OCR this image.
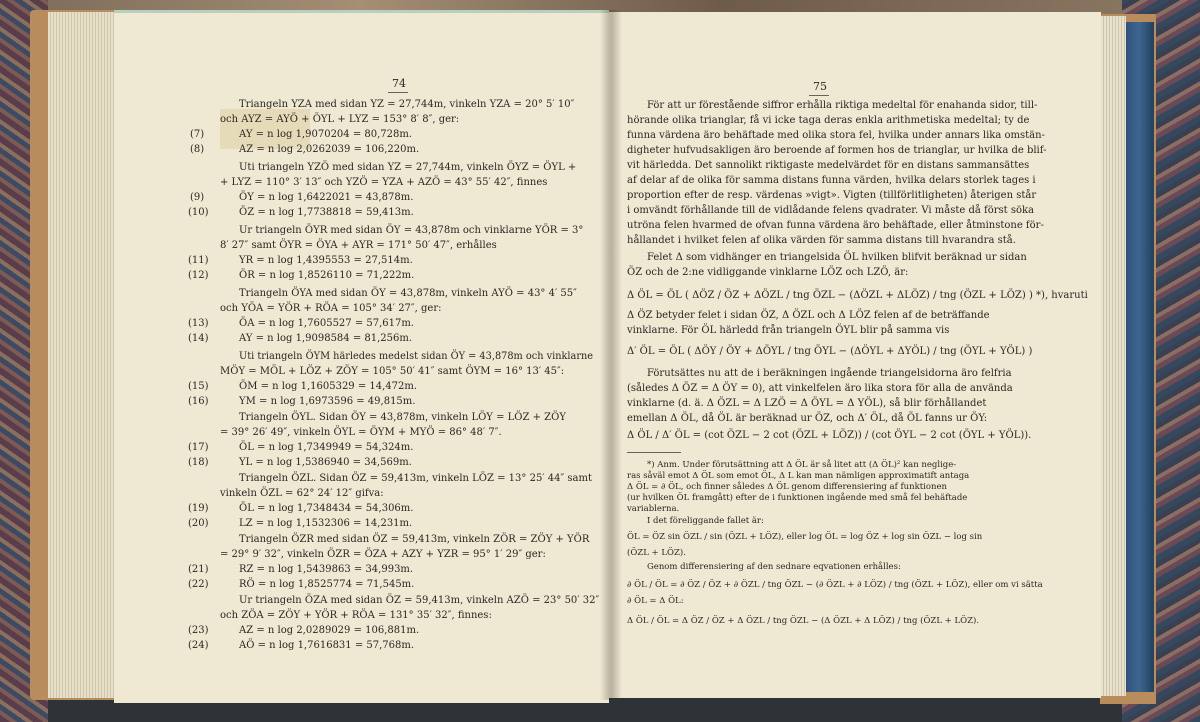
74
Triangeln YZA med sidan YZ = 27,744m, vinkeln YZA = 20° 5′ 10″
och AYZ = AYÖ + ÖYL + LYZ = 153° 8′ 8″, ger:
AY = n log 1,9070204 = 80,728m.
AZ = n log 2,0262039 = 106,220m.
Uti triangeln YZÖ med sidan YZ = 27,744m, vinkeln ÖYZ = ÖYL +
+ LYZ = 110° 3′ 13″ och YZÖ = YZA + AZÖ = 43° 55′ 42″, finnes
ÖY = n log 1,6422021 = 43,878m.
ÖZ = n log 1,7738818 = 59,413m.
Ur triangeln ÖYR med sidan ÖY = 43,878m och vinklarne YÖR = 3°
8′ 27″ samt ÖYR = ÖYA + AYR = 171° 50′ 47″, erhålles
YR = n log 1,4395553 = 27,514m.
ÖR = n log 1,8526110 = 71,222m.
Triangeln ÖYA med sidan ÖY = 43,878m, vinkeln AYÖ = 43° 4′ 55″
och YÖA = YÖR + RÖA = 105° 34′ 27″, ger:
ÖA = n log 1,7605527 = 57,617m.
AY = n log 1,9098584 = 81,256m.
Uti triangeln ÖYM härledes medelst sidan ÖY = 43,878m och vinklarne
MÖY = MÖL + LÖZ + ZÖY = 105° 50′ 41″ samt ÖYM = 16° 13′ 45″:
ÖM = n log 1,1605329 = 14,472m.
YM = n log 1,6973596 = 49,815m.
Triangeln ÖYL. Sidan ÖY = 43,878m, vinkeln LÖY = LÖZ + ZÖY
= 39° 26′ 49″, vinkeln ÖYL = ÖYM + MYÖ = 86° 48′ 7″.
ÖL = n log 1,7349949 = 54,324m.
YL = n log 1,5386940 = 34,569m.
Triangeln ÖZL. Sidan ÖZ = 59,413m, vinkeln LÖZ = 13° 25′ 44″ samt
vinkeln ÖZL = 62° 24′ 12″ gifva:
ÖL = n log 1,7348434 = 54,306m.
LZ = n log 1,1532306 = 14,231m.
Triangeln ÖZR med sidan ÖZ = 59,413m, vinkeln ZÖR = ZÖY + YÖR
= 29° 9′ 32″, vinkeln ÖZR = ÖZA + AZY + YZR = 95° 1′ 29″ ger:
RZ = n log 1,5439863 = 34,993m.
RÖ = n log 1,8525774 = 71,545m.
Ur triangeln ÖZA med sidan ÖZ = 59,413m, vinkeln AZÖ = 23° 50′ 32″
och ZÖA = ZÖY + YÖR + RÖA = 131° 35′ 32″, finnes:
AZ = n log 2,0289029 = 106,881m.
AÖ = n log 1,7616831 = 57,768m.
(7)
(8)
(9)
(10)
(11)
(12)
(13)
(14)
(15)
(16)
(17)
(18)
(19)
(20)
(21)
(22)
(23)
(24)
75
För att ur förestående siffror erhålla riktiga medeltal för enahanda sidor, till-
hörande olika trianglar, få vi icke taga deras enkla arithmetiska medeltal; ty de
funna värdena äro behäftade med olika stora fel, hvilka under annars lika omstän-
digheter hufvudsakligen äro beroende af formen hos de trianglar, ur hvilka de blif-
vit härledda. Det sannolikt riktigaste medelvärdet för en distans sammansättes
af delar af de olika för samma distans funna värden, hvilka delars storlek tages i
proportion efter de resp. värdenas »vigt». Vigten (tillförlitligheten) återigen står
i omvändt förhållande till de vidlådande felens qvadrater. Vi måste då först söka
utröna felen hvarmed de ofvan funna värdena äro behäftade, eller åtminstone för-
hållandet i hvilket felen af olika värden för samma distans till hvarandra stå.
Felet Δ som vidhänger en triangelsida ÖL hvilken blifvit beräknad ur sidan
ÖZ och de 2:ne vidliggande vinklarne LÖZ och LZÖ, är:
Δ ÖL = ÖL ( ΔÖZ / ÖZ + ΔÖZL / tng ÖZL − (ΔÖZL + ΔLÖZ) / tng (ÖZL + LÖZ) ) *), hvaruti
Δ ÖZ betyder felet i sidan ÖZ, Δ ÖZL och Δ LÖZ felen af de beträffande
vinklarne. För ÖL härledd från triangeln ÖYL blir på samma vis
Δ′ ÖL = ÖL ( ΔÖY / ÖY + ΔÖYL / tng ÖYL − (ΔÖYL + ΔYÖL) / tng (ÖYL + YÖL) )
Förutsättes nu att de i beräkningen ingående triangelsidorna äro felfria
(således Δ ÖZ = Δ ÖY = 0), att vinkelfelen äro lika stora för alla de använda
vinklarne (d. ä. Δ ÖZL = Δ LZÖ = Δ ÖYL = Δ YÖL), så blir förhållandet
emellan Δ ÖL, då ÖL är beräknad ur ÖZ, och Δ′ ÖL, då ÖL fanns ur ÖY:
Δ ÖL / Δ′ ÖL = (cot ÖZL − 2 cot (ÖZL + LÖZ)) / (cot ÖYL − 2 cot (ÖYL + YÖL)).
*) Anm. Under förutsättning att Δ ÖL är så litet att (Δ ÖL)² kan neglige-
ras såväl emot Δ ÖL som emot ÖL, Δ L kan man nämligen approximatift antaga
Δ ÖL = ∂ ÖL, och finner således Δ ÖL genom differensiering af funktionen
(ur hvilken ÖL framgått) efter de i funktionen ingående med små fel behäftade
variablerna.
I det föreliggande fallet är:
ÖL = ÖZ sin ÖZL / sin (ÖZL + LÖZ), eller log ÖL = log ÖZ + log sin ÖZL − log sin
(ÖZL + LÖZ).
Genom differensiering af den sednare eqvationen erhålles:
∂ ÖL / ÖL = ∂ ÖZ / ÖZ + ∂ ÖZL / tng ÖZL − (∂ ÖZL + ∂ LÖZ) / tng (ÖZL + LÖZ), eller om vi sätta
∂ ÖL = Δ ÖL:
Δ ÖL / ÖL = Δ ÖZ / ÖZ + Δ ÖZL / tng ÖZL − (Δ ÖZL + Δ LÖZ) / tng (ÖZL + LÖZ).
